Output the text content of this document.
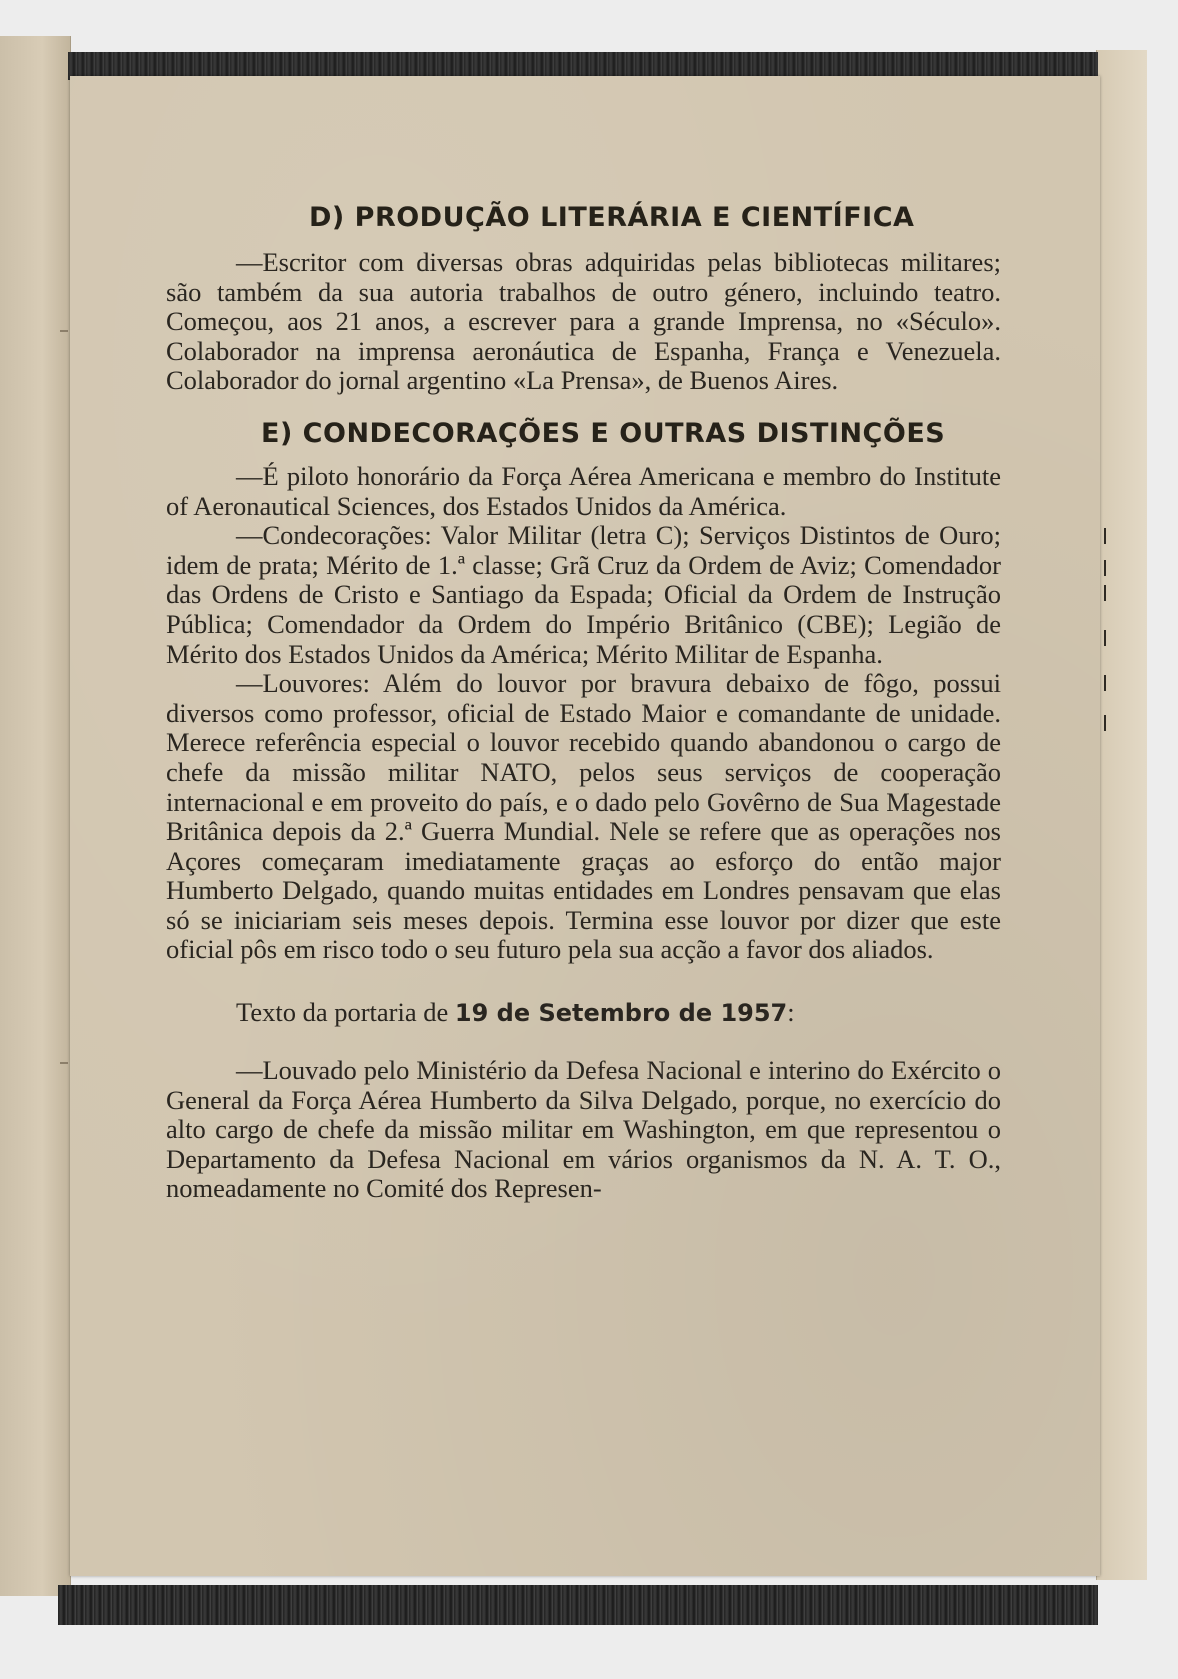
D) PRODUÇÃO LITERÁRIA E CIENTÍFICA

—Escritor com diversas obras adquiridas pelas bibliotecas militares; são também da sua autoria trabalhos de outro género, incluindo teatro. Começou, aos 21 anos, a escrever para a grande Imprensa, no «Século». Colaborador na imprensa aeronáutica de Espanha, França e Venezuela. Colaborador do jornal argentino «La Prensa», de Buenos Aires.

E) CONDECORAÇÕES E OUTRAS DISTINÇÕES

—É piloto honorário da Força Aérea Americana e membro do Institute of Aeronautical Sciences, dos Estados Unidos da América.

—Condecorações: Valor Militar (letra C); Serviços Distintos de Ouro; idem de prata; Mérito de 1.ª classe; Grã Cruz da Ordem de Aviz; Comendador das Ordens de Cristo e Santiago da Espada; Oficial da Ordem de Instrução Pública; Comendador da Ordem do Império Britânico (CBE); Legião de Mérito dos Estados Unidos da América; Mérito Militar de Espanha.

—Louvores: Além do louvor por bravura debaixo de fôgo, possui diversos como professor, oficial de Estado Maior e comandante de unidade. Merece referência especial o louvor recebido quando abandonou o cargo de chefe da missão militar NATO, pelos seus serviços de cooperação internacional e em proveito do país, e o dado pelo Govêrno de Sua Magestade Britânica depois da 2.ª Guerra Mundial. Nele se refere que as operações nos Açores começaram imediatamente graças ao esforço do então major Humberto Delgado, quando muitas entidades em Londres pensavam que elas só se iniciariam seis meses depois. Termina esse louvor por dizer que este oficial pôs em risco todo o seu futuro pela sua acção a favor dos aliados.

Texto da portaria de 19 de Setembro de 1957:

—Louvado pelo Ministério da Defesa Nacional e interino do Exército o General da Força Aérea Humberto da Silva Delgado, porque, no exercício do alto cargo de chefe da missão militar em Washington, em que representou o Departamento da Defesa Nacional em vários organismos da N. A. T. O., nomeadamente no Comité dos Represen-
